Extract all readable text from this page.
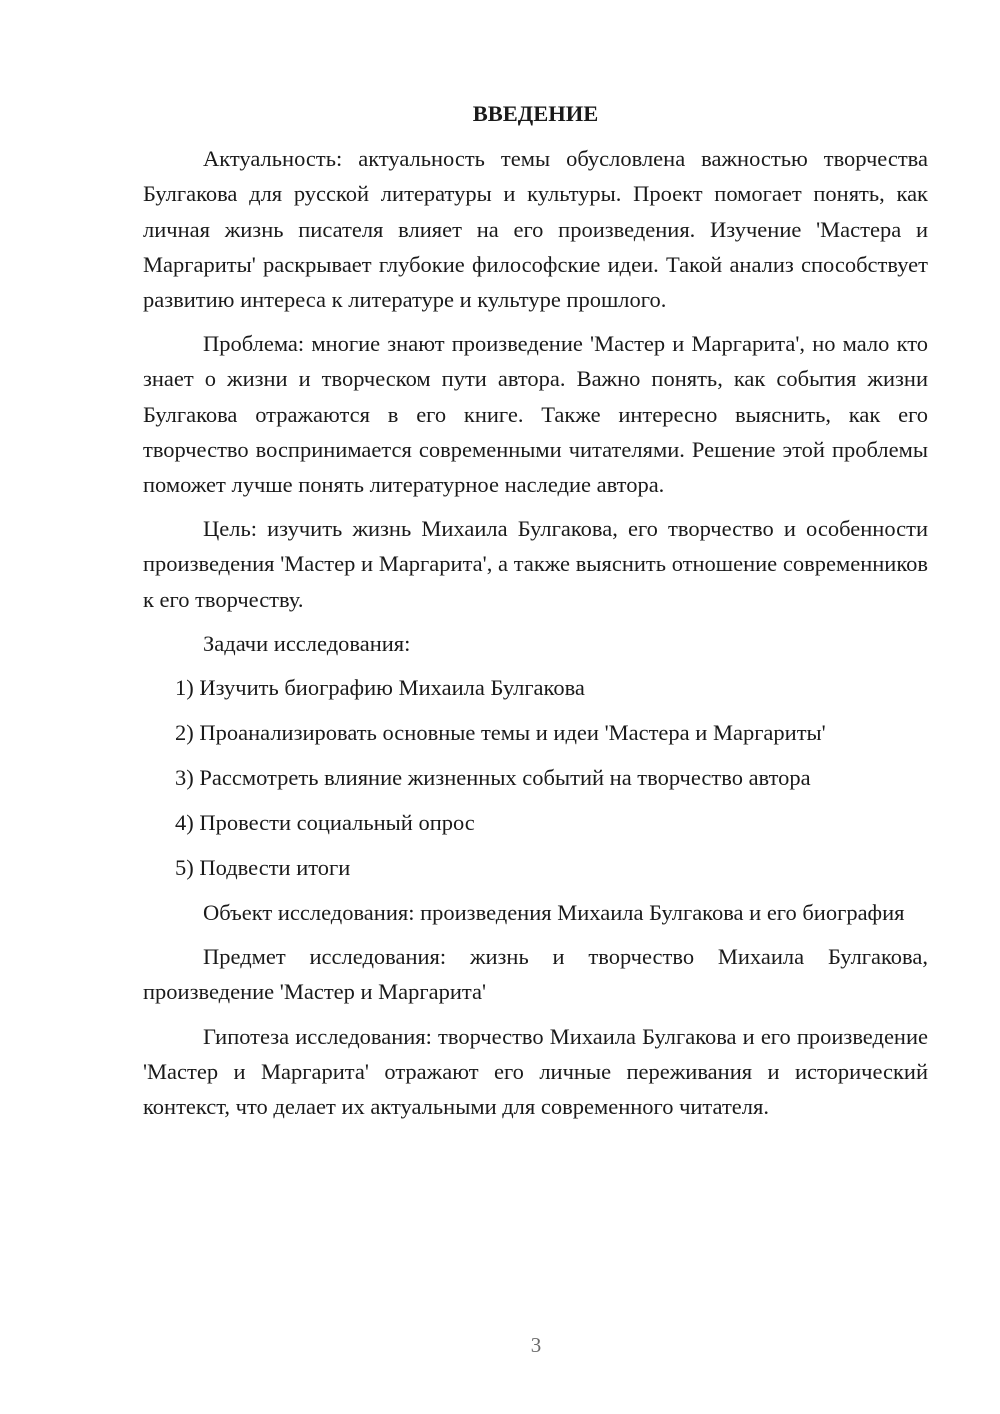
ВВЕДЕНИЕ

Актуальность: актуальность темы обусловлена важностью творчества Булгакова для русской литературы и культуры. Проект помогает понять, как личная жизнь писателя влияет на его произведения. Изучение 'Мастера и Маргариты' раскрывает глубокие философские идеи. Такой анализ способствует развитию интереса к литературе и культуре прошлого.

Проблема: многие знают произведение 'Мастер и Маргарита', но мало кто знает о жизни и творческом пути автора. Важно понять, как события жизни Булгакова отражаются в его книге. Также интересно выяснить, как его творчество воспринимается современными читателями. Решение этой проблемы поможет лучше понять литературное наследие автора.

Цель: изучить жизнь Михаила Булгакова, его творчество и особенности произведения 'Мастер и Маргарита', а также выяснить отношение современников к его творчеству.

Задачи исследования:

1) Изучить биографию Михаила Булгакова
2) Проанализировать основные темы и идеи 'Мастера и Маргариты'
3) Рассмотреть влияние жизненных событий на творчество автора
4) Провести социальный опрос
5) Подвести итоги

Объект исследования: произведения Михаила Булгакова и его биография

Предмет исследования: жизнь и творчество Михаила Булгакова, произведение 'Мастер и Маргарита'

Гипотеза исследования: творчество Михаила Булгакова и его произведение 'Мастер и Маргарита' отражают его личные переживания и исторический контекст, что делает их актуальными для современного читателя.

3
